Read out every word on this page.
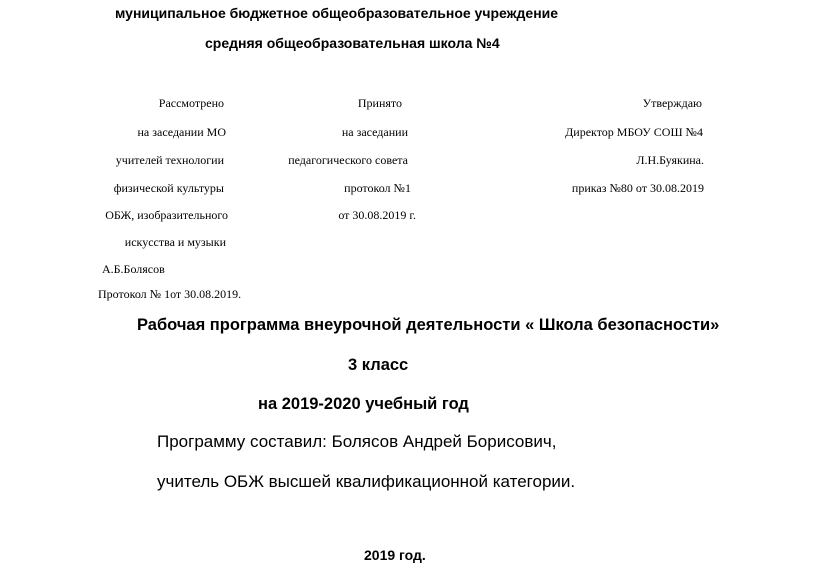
муниципальное бюджетное общеобразовательное учреждение
средняя общеобразовательная школа №4
Рассмотрено
на заседании МО
учителей технологии
физической культуры
ОБЖ, изобразительного
искусства и музыки
А.Б.Болясов
Протокол № 1от 30.08.2019.
Принято
на заседании
педагогического совета
протокол №1
от 30.08.2019 г.
Утверждаю
Директор МБОУ СОШ №4
Л.Н.Буякина.
приказ №80 от 30.08.2019
Рабочая программа внеурочной деятельности « Школа безопасности»
3 класс
на 2019-2020 учебный год
Программу составил: Болясов Андрей Борисович,
учитель ОБЖ высшей квалификационной категории.
2019 год.
